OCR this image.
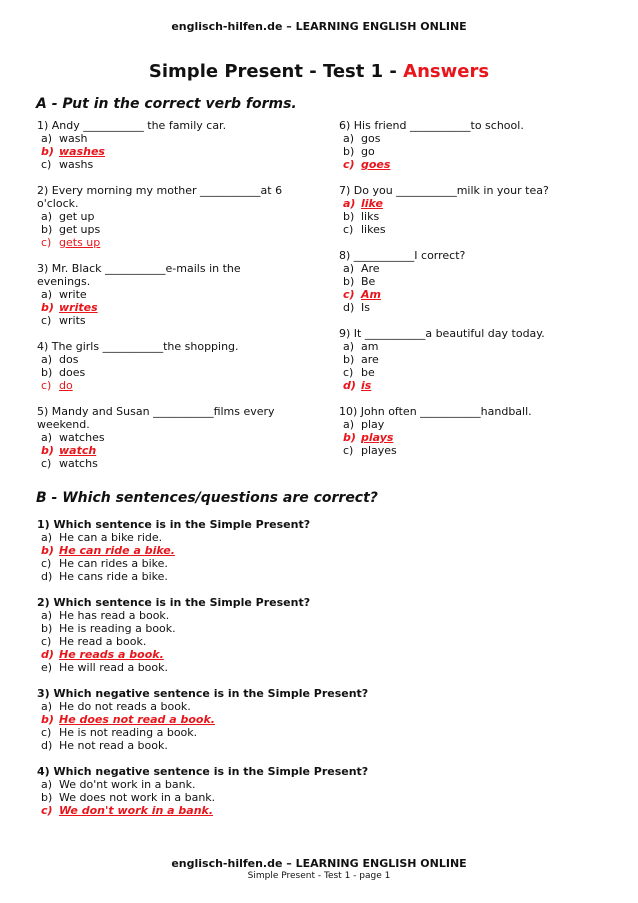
englisch-hilfen.de – LEARNING ENGLISH ONLINE
Simple Present - Test 1 - Answers
A - Put in the correct verb forms.
1) Andy ___________ the family car.
a) wash
b) washes
c) washs
2) Every morning my mother ___________at 6
o'clock.
a) get up
b) get ups
c) gets up
3) Mr. Black ___________e-mails in the
evenings.
a) write
b) writes
c) writs
4) The girls ___________the shopping.
a) dos
b) does
c) do
5) Mandy and Susan ___________films every
weekend.
a) watches
b) watch
c) watchs
6) His friend ___________to school.
a) gos
b) go
c) goes
7) Do you ___________milk in your tea?
a) like
b) liks
c) likes
8) ___________I correct?
a) Are
b) Be
c) Am
d) Is
9) It ___________a beautiful day today.
a) am
b) are
c) be
d) is
10) John often ___________handball.
a) play
b) plays
c) playes
B - Which sentences/questions are correct?
1) Which sentence is in the Simple Present?
a) He can a bike ride.
b) He can ride a bike.
c) He can rides a bike.
d) He cans ride a bike.
2) Which sentence is in the Simple Present?
a) He has read a book.
b) He is reading a book.
c) He read a book.
d) He reads a book.
e) He will read a book.
3) Which negative sentence is in the Simple Present?
a) He do not reads a book.
b) He does not read a book.
c) He is not reading a book.
d) He not read a book.
4) Which negative sentence is in the Simple Present?
a) We do'nt work in a bank.
b) We does not work in a bank.
c) We don't work in a bank.
englisch-hilfen.de – LEARNING ENGLISH ONLINE
Simple Present - Test 1 - page 1
